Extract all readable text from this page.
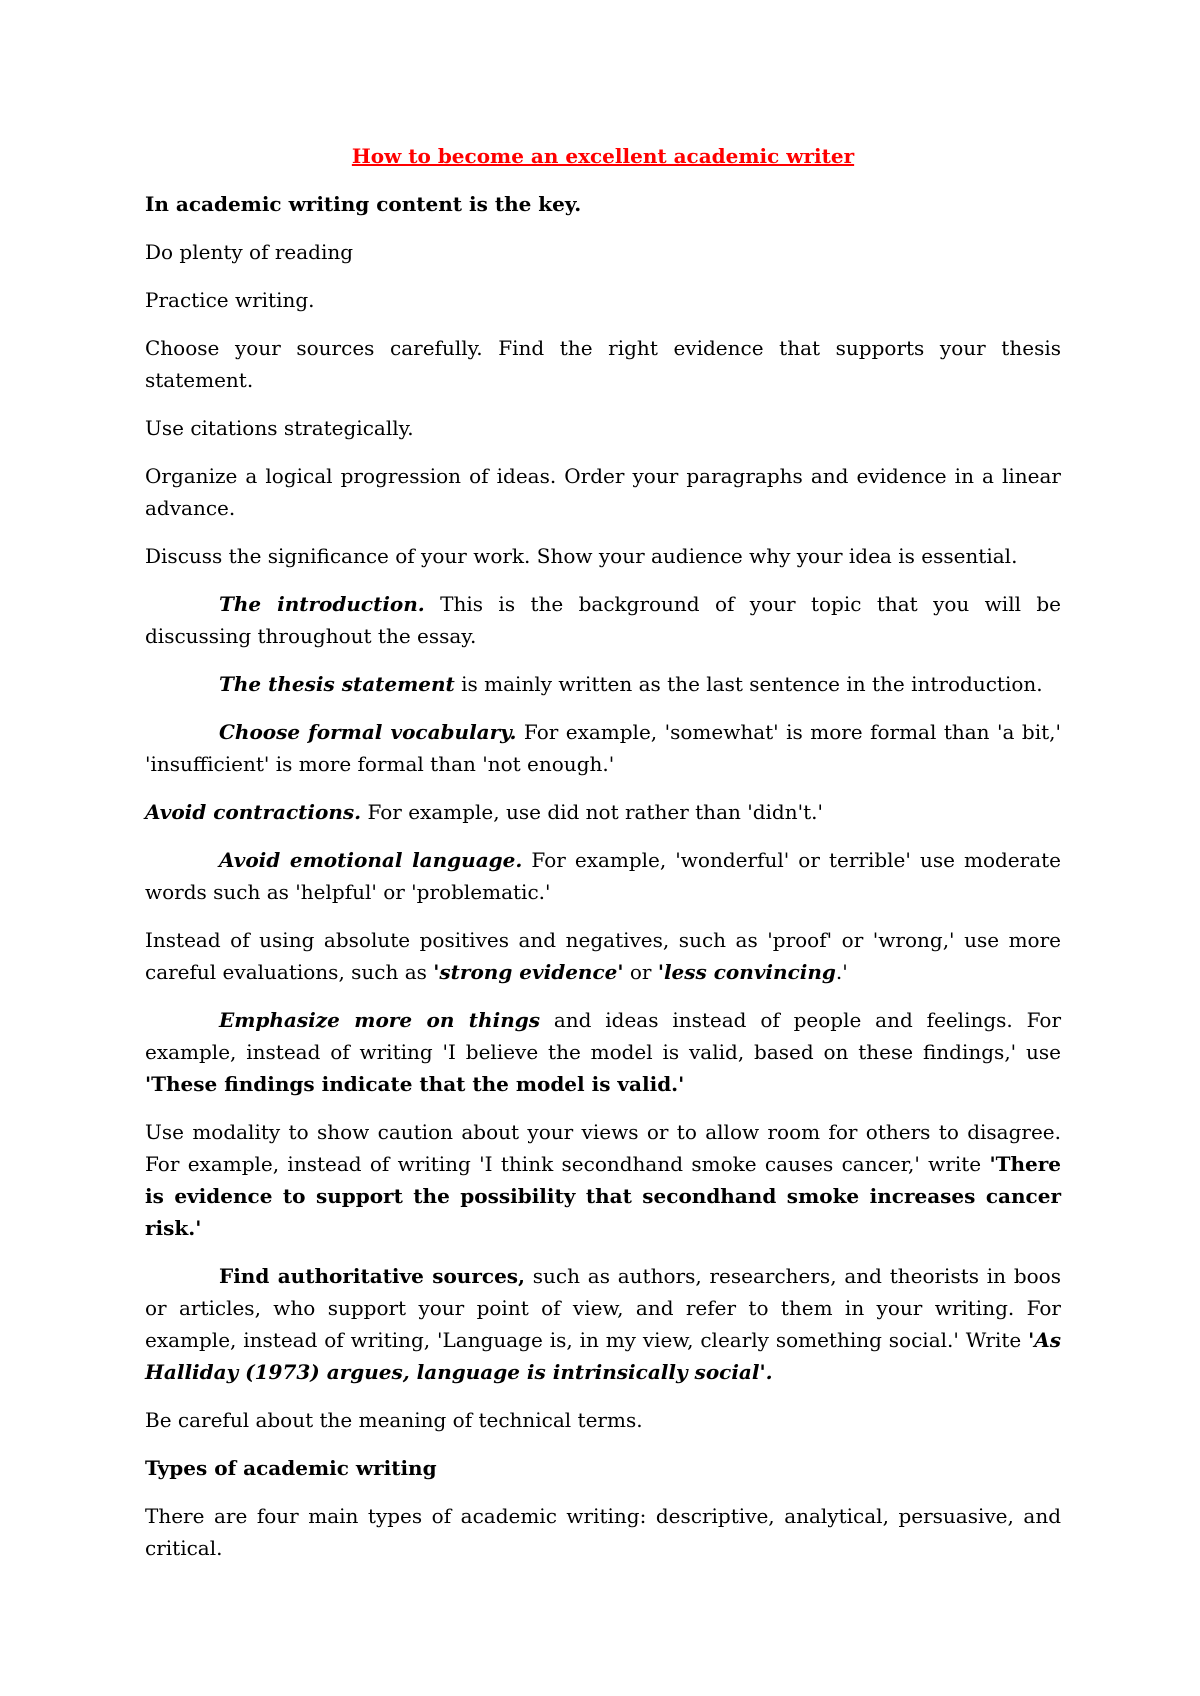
How to become an excellent academic writer

In academic writing content is the key.

Do plenty of reading

Practice writing.

Choose your sources carefully. Find the right evidence that supports your thesis statement.

Use citations strategically.

Organize a logical progression of ideas. Order your paragraphs and evidence in a linear advance.

Discuss the significance of your work. Show your audience why your idea is essential.

The introduction. This is the background of your topic that you will be discussing throughout the essay.

The thesis statement is mainly written as the last sentence in the introduction.

Choose formal vocabulary. For example, 'somewhat' is more formal than 'a bit,' 'insufficient' is more formal than 'not enough.'

Avoid contractions. For example, use did not rather than 'didn't.'

Avoid emotional language. For example, 'wonderful' or terrible' use moderate words such as 'helpful' or 'problematic.'

Instead of using absolute positives and negatives, such as 'proof' or 'wrong,' use more careful evaluations, such as 'strong evidence' or 'less convincing.'

Emphasize more on things and ideas instead of people and feelings. For example, instead of writing 'I believe the model is valid, based on these findings,' use 'These findings indicate that the model is valid.'

Use modality to show caution about your views or to allow room for others to disagree. For example, instead of writing 'I think secondhand smoke causes cancer,' write 'There is evidence to support the possibility that secondhand smoke increases cancer risk.'

Find authoritative sources, such as authors, researchers, and theorists in boos or articles, who support your point of view, and refer to them in your writing. For example, instead of writing, 'Language is, in my view, clearly something social.' Write 'As Halliday (1973) argues, language is intrinsically social'.

Be careful about the meaning of technical terms.

Types of academic writing

There are four main types of academic writing: descriptive, analytical, persuasive, and critical.
